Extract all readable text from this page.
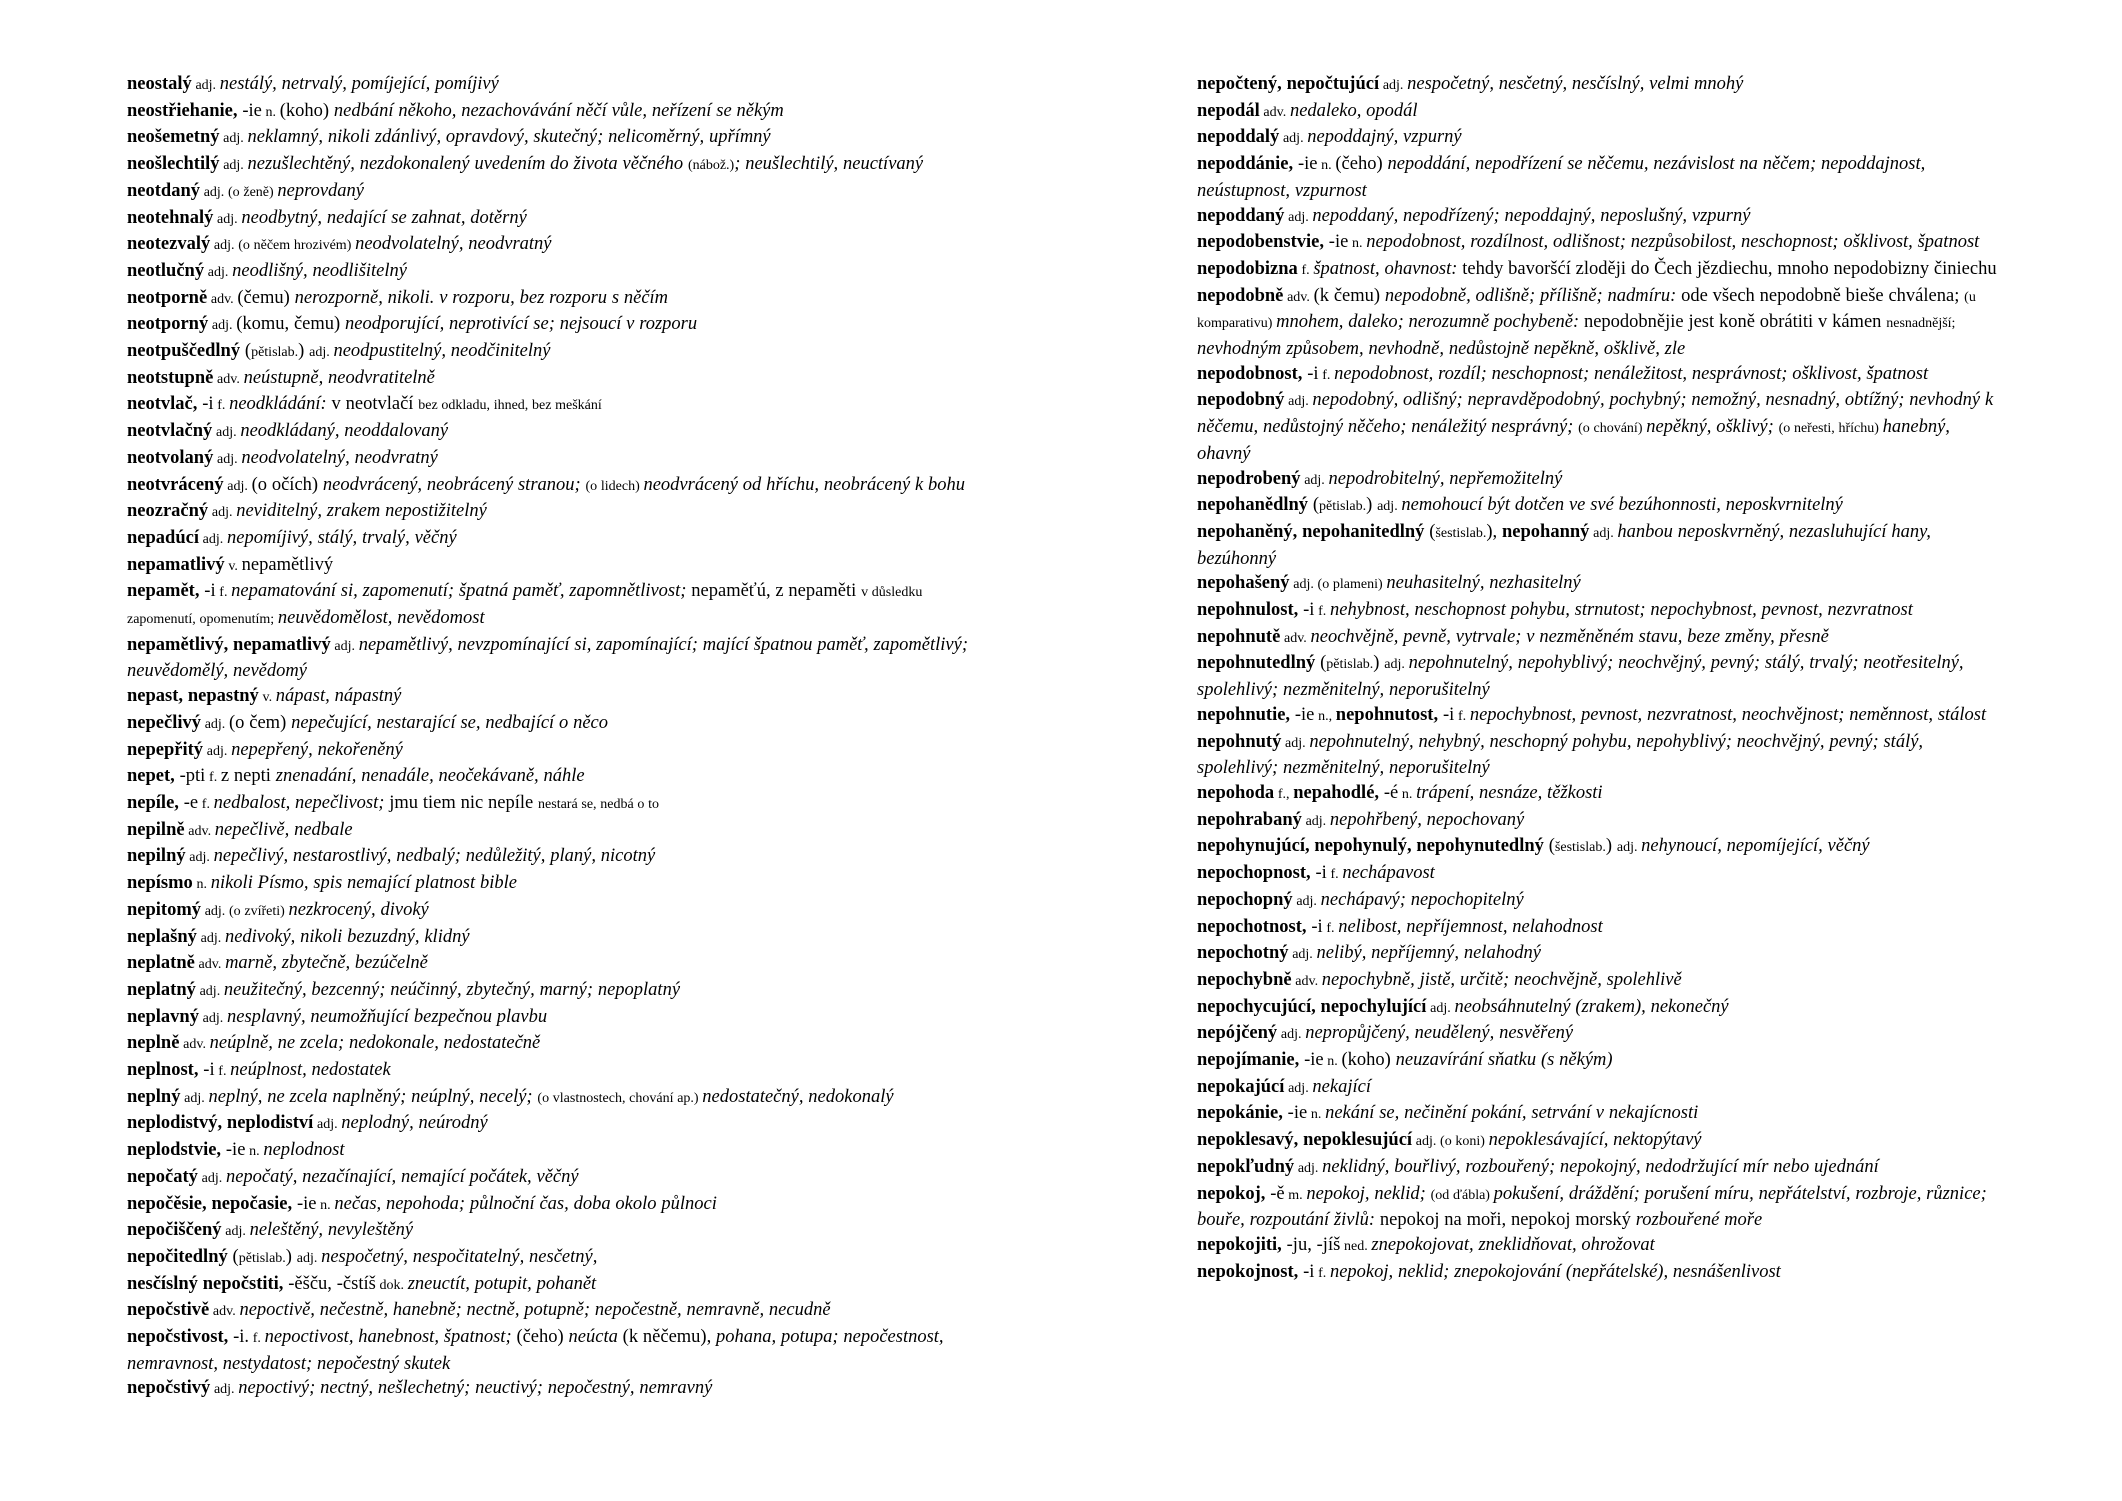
neostalý adj. nestálý, netrvalý, pomíjející, pomíjivý

neostřiehanie, -ie n. (koho) nedbání někoho, nezachovávání něčí vůle, neřízení se někým

neošemetný adj. neklamný, nikoli zdánlivý, opravdový, skutečný; nelicoměrný, upřímný

neošlechtilý adj. nezušlechtěný, nezdokonalený uvedením do života věčného (nábož.); neušlechtilý, neuctívaný

neotdaný adj. (o ženě) neprovdaný

neotehnalý adj. neodbytný, nedající se zahnat, dotěrný

neotezvalý adj. (o něčem hrozivém) neodvolatelný, neodvratný

neotlučný adj. neodlišný, neodlišitelný

neotporně adv. (čemu) nerozporně, nikoli. v rozporu, bez rozporu s něčím

neotporný adj. (komu, čemu) neodporující, neprotivící se; nejsoucí v rozporu

neotpuščedlný (pětislab.) adj. neodpustitelný, neodčinitelný

neotstupně adv. neústupně, neodvratitelně

neotvlač, -i f. neodkládání: v neotvlačí bez odkladu, ihned, bez meškání

neotvlačný adj. neodkládaný, neoddalovaný

neotvolaný adj. neodvolatelný, neodvratný

neotvrácený adj. (o očích) neodvrácený, neobrácený stranou; (o lidech) neodvrácený od hříchu, neobrácený k bohu

neozračný adj. neviditelný, zrakem nepostižitelný

nepadúcí adj. nepomíjivý, stálý, trvalý, věčný

nepamatlivý v. nepamětlivý

nepamět, -i f. nepamatování si, zapomenutí; špatná paměť, zapomnětlivost; nepaměťú, z nepaměti v důsledku zapomenutí, opomenutím; neuvědomělost, nevědomost

nepamětlivý, nepamatlivý adj. nepamětlivý, nevzpomínající si, zapomínající; mající špatnou paměť, zapomětlivý; neuvědomělý, nevědomý

nepast, nepastný v. nápast, nápastný

nepečlivý adj. (o čem) nepečující, nestarající se, nedbající o něco

nepepřitý adj. nepepřený, nekořeněný

nepet, -pti f. z nepti znenadání, nenadále, neočekávaně, náhle

nepíle, -e f. nedbalost, nepečlivost; jmu tiem nic nepíle nestará se, nedbá o to

nepilně adv. nepečlivě, nedbale

nepilný adj. nepečlivý, nestarostlivý, nedbalý; nedůležitý, planý, nicotný

nepísmo n. nikoli Písmo, spis nemající platnost bible

nepitomý adj. (o zvířeti) nezkrocený, divoký

neplašný adj. nedivoký, nikoli bezuzdný, klidný

neplatně adv. marně, zbytečně, bezúčelně

neplatný adj. neužitečný, bezcenný; neúčinný, zbytečný, marný; nepoplatný

neplavný adj. nesplavný, neumožňující bezpečnou plavbu

neplně adv. neúplně, ne zcela; nedokonale, nedostatečně

neplnost, -i f. neúplnost, nedostatek

neplný adj. neplný, ne zcela naplněný; neúplný, necelý; (o vlastnostech, chování ap.) nedostatečný, nedokonalý

neplodistvý, neplodiství adj. neplodný, neúrodný

neplodstvie, -ie n. neplodnost

nepočatý adj. nepočatý, nezačínající, nemající počátek, věčný

nepočěsie, nepočasie, -ie n. nečas, nepohoda; půlnoční čas, doba okolo půlnoci

nepočiščený adj. neleštěný, nevyleštěný

nepočitedlný (pětislab.) adj. nespočetný, nespočitatelný, nesčetný,

nesčíslný nepočstiti, -ěšču, -čstíš dok. zneuctít, potupit, pohanět

nepočstivě adv. nepoctivě, nečestně, hanebně; nectně, potupně; nepočestně, nemravně, necudně

nepočstivost, -i. f. nepoctivost, hanebnost, špatnost; (čeho) neúcta (k něčemu), pohana, potupa; nepočestnost, nemravnost, nestydatost; nepočestný skutek

nepočstivý adj. nepoctivý; nectný, nešlechetný; neuctivý; nepočestný, nemravný

nepočtený, nepočtujúcí adj. nespočetný, nesčetný, nesčíslný, velmi mnohý

nepodál adv. nedaleko, opodál

nepoddalý adj. nepoddajný, vzpurný

nepoddánie, -ie n. (čeho) nepoddání, nepodřízení se něčemu, nezávislost na něčem; nepoddajnost, neústupnost, vzpurnost

nepoddaný adj. nepoddaný, nepodřízený; nepoddajný, neposlušný, vzpurný

nepodobenstvie, -ie n. nepodobnost, rozdílnost, odlišnost; nezpůsobilost, neschopnost; ošklivost, špatnost

nepodobizna f. špatnost, ohavnost: tehdy bavoršćí zloději do Čech jězdiechu, mnoho nepodobizny činiechu

nepodobně adv. (k čemu) nepodobně, odlišně; přílišně; nadmíru: ode všech nepodobně bieše chválena; (u komparativu) mnohem, daleko; nerozumně pochybeně: nepodobnějie jest koně obrátiti v kámen nesnadnější; nevhodným způsobem, nevhodně, nedůstojně nepěkně, ošklivě, zle

nepodobnost, -i f. nepodobnost, rozdíl; neschopnost; nenáležitost, nesprávnost; ošklivost, špatnost

nepodobný adj. nepodobný, odlišný; nepravděpodobný, pochybný; nemožný, nesnadný, obtížný; nevhodný k něčemu, nedůstojný něčeho; nenáležitý nesprávný; (o chování) nepěkný, ošklivý; (o neřesti, hříchu) hanebný, ohavný

nepodrobený adj. nepodrobitelný, nepřemožitelný

nepohanědlný (pětislab.) adj. nemohoucí být dotčen ve své bezúhonnosti, neposkvrnitelný

nepohaněný, nepohanitedlný (šestislab.), nepohanný adj. hanbou neposkvrněný, nezasluhující hany, bezúhonný

nepohašený adj. (o plameni) neuhasitelný, nezhasitelný

nepohnulost, -i f. nehybnost, neschopnost pohybu, strnutost; nepochybnost, pevnost, nezvratnost

nepohnutě adv. neochvějně, pevně, vytrvale; v nezměněném stavu, beze změny, přesně

nepohnutedlný (pětislab.) adj. nepohnutelný, nepohyblivý; neochvějný, pevný; stálý, trvalý; neotřesitelný, spolehlivý; nezměnitelný, neporušitelný

nepohnutie, -ie n., nepohnutost, -i f. nepochybnost, pevnost, nezvratnost, neochvějnost; neměnnost, stálost

nepohnutý adj. nepohnutelný, nehybný, neschopný pohybu, nepohyblivý; neochvějný, pevný; stálý, spolehlivý; nezměnitelný, neporušitelný

nepohoda f., nepahodlé, -é n. trápení, nesnáze, těžkosti

nepohrabaný adj. nepohřbený, nepochovaný

nepohynujúcí, nepohynulý, nepohynutedlný (šestislab.) adj. nehynoucí, nepomíjející, věčný

nepochopnost, -i f. nechápavost

nepochopný adj. nechápavý; nepochopitelný

nepochotnost, -i f. nelibost, nepříjemnost, nelahodnost

nepochotný adj. nelibý, nepříjemný, nelahodný

nepochybně adv. nepochybně, jistě, určitě; neochvějně, spolehlivě

nepochycujúcí, nepochylující adj. neobsáhnutelný (zrakem), nekonečný

nepójčený adj. nepropůjčený, neudělený, nesvěřený

nepojímanie, -ie n. (koho) neuzavírání sňatku (s někým)

nepokajúcí adj. nekající

nepokánie, -ie n. nekání se, nečinění pokání, setrvání v nekajícnosti

nepoklesavý, nepoklesujúcí adj. (o koni) nepoklesávající, nektopýtavý

nepokľudný adj. neklidný, bouřlivý, rozbouřený; nepokojný, nedodržující mír nebo ujednání

nepokoj, -ě m. nepokoj, neklid; (od ďábla) pokušení, dráždění; porušení míru, nepřátelství, rozbroje, různice; bouře, rozpoutání živlů: nepokoj na moři, nepokoj morský rozbouřené moře

nepokojiti, -ju, -jíš ned. znepokojovat, zneklidňovat, ohrožovat

nepokojnost, -i f. nepokoj, neklid; znepokojování (nepřátelské), nesnášenlivost
